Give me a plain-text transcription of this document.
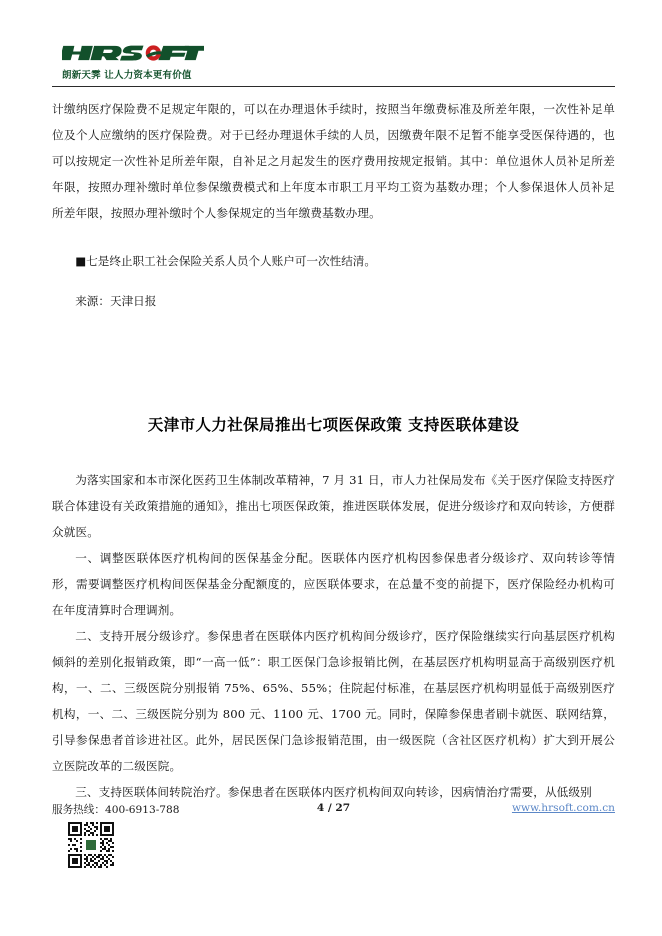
朗新天霁 让人力资本更有价值

计缴纳医疗保险费不足规定年限的，可以在办理退休手续时，按照当年缴费标准及所差年限，一次性补足单位及个人应缴纳的医疗保险费。对于已经办理退休手续的人员，因缴费年限不足暂不能享受医保待遇的，也可以按规定一次性补足所差年限，自补足之月起发生的医疗费用按规定报销。其中：单位退休人员补足所差年限，按照办理补缴时单位参保缴费模式和上年度本市职工月平均工资为基数办理；个人参保退休人员补足所差年限，按照办理补缴时个人参保规定的当年缴费基数办理。

■七是终止职工社会保险关系人员个人账户可一次性结清。

来源：天津日报

天津市人力社保局推出七项医保政策 支持医联体建设

为落实国家和本市深化医药卫生体制改革精神，7 月 31 日，市人力社保局发布《关于医疗保险支持医疗联合体建设有关政策措施的通知》，推出七项医保政策，推进医联体发展，促进分级诊疗和双向转诊，方便群众就医。

一、调整医联体医疗机构间的医保基金分配。医联体内医疗机构因参保患者分级诊疗、双向转诊等情形，需要调整医疗机构间医保基金分配额度的，应医联体要求，在总量不变的前提下，医疗保险经办机构可在年度清算时合理调剂。

二、支持开展分级诊疗。参保患者在医联体内医疗机构间分级诊疗，医疗保险继续实行向基层医疗机构倾斜的差别化报销政策，即“一高一低”：职工医保门急诊报销比例，在基层医疗机构明显高于高级别医疗机构，一、二、三级医院分别报销 75%、65%、55%；住院起付标准，在基层医疗机构明显低于高级别医疗机构，一、二、三级医院分别为 800 元、1100 元、1700 元。同时，保障参保患者刷卡就医、联网结算，引导参保患者首诊进社区。此外，居民医保门急诊报销范围，由一级医院（含社区医疗机构）扩大到开展公立医院改革的二级医院。

三、支持医联体间转院治疗。参保患者在医联体内医疗机构间双向转诊，因病情治疗需要，从低级别

服务热线：400-6913-788	4 / 27	www.hrsoft.com.cn
